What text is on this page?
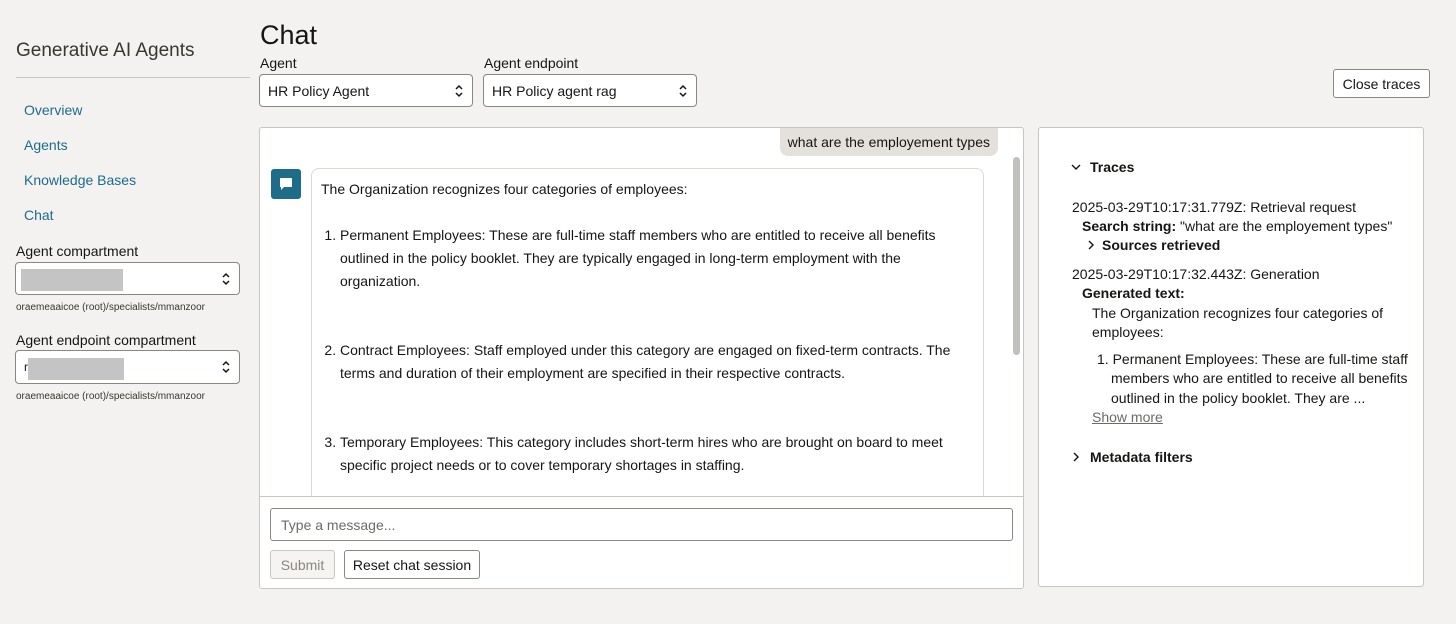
Generative AI Agents
Overview
Agents
Knowledge Bases
Chat
Agent compartment
oraemeaaicoe (root)/specialists/mmanzoor
Agent endpoint compartment
r
oraemeaaicoe (root)/specialists/mmanzoor
Chat
Agent
HR Policy Agent
Agent endpoint
HR Policy agent rag	Close traces
what are the employement types
The Organization recognizes four categories of employees:
1. Permanent Employees: These are full-time staff members who are entitled to receive all benefits outlined in the policy booklet. They are typically engaged in long-term employment with the organization.
2. Contract Employees: Staff employed under this category are engaged on fixed-term contracts. The terms and duration of their employment are specified in their respective contracts.
3. Temporary Employees: This category includes short-term hires who are brought on board to meet specific project needs or to cover temporary shortages in staffing.
Type a message...
Submit	Reset chat session
Traces
2025-03-29T10:17:31.779Z: Retrieval request
Search string: "what are the employement types"
Sources retrieved
2025-03-29T10:17:32.443Z: Generation
Generated text:
The Organization recognizes four categories of
employees:
1. Permanent Employees: These are full-time staff
members who are entitled to receive all benefits
outlined in the policy booklet. They are ...
Show more
Metadata filters
